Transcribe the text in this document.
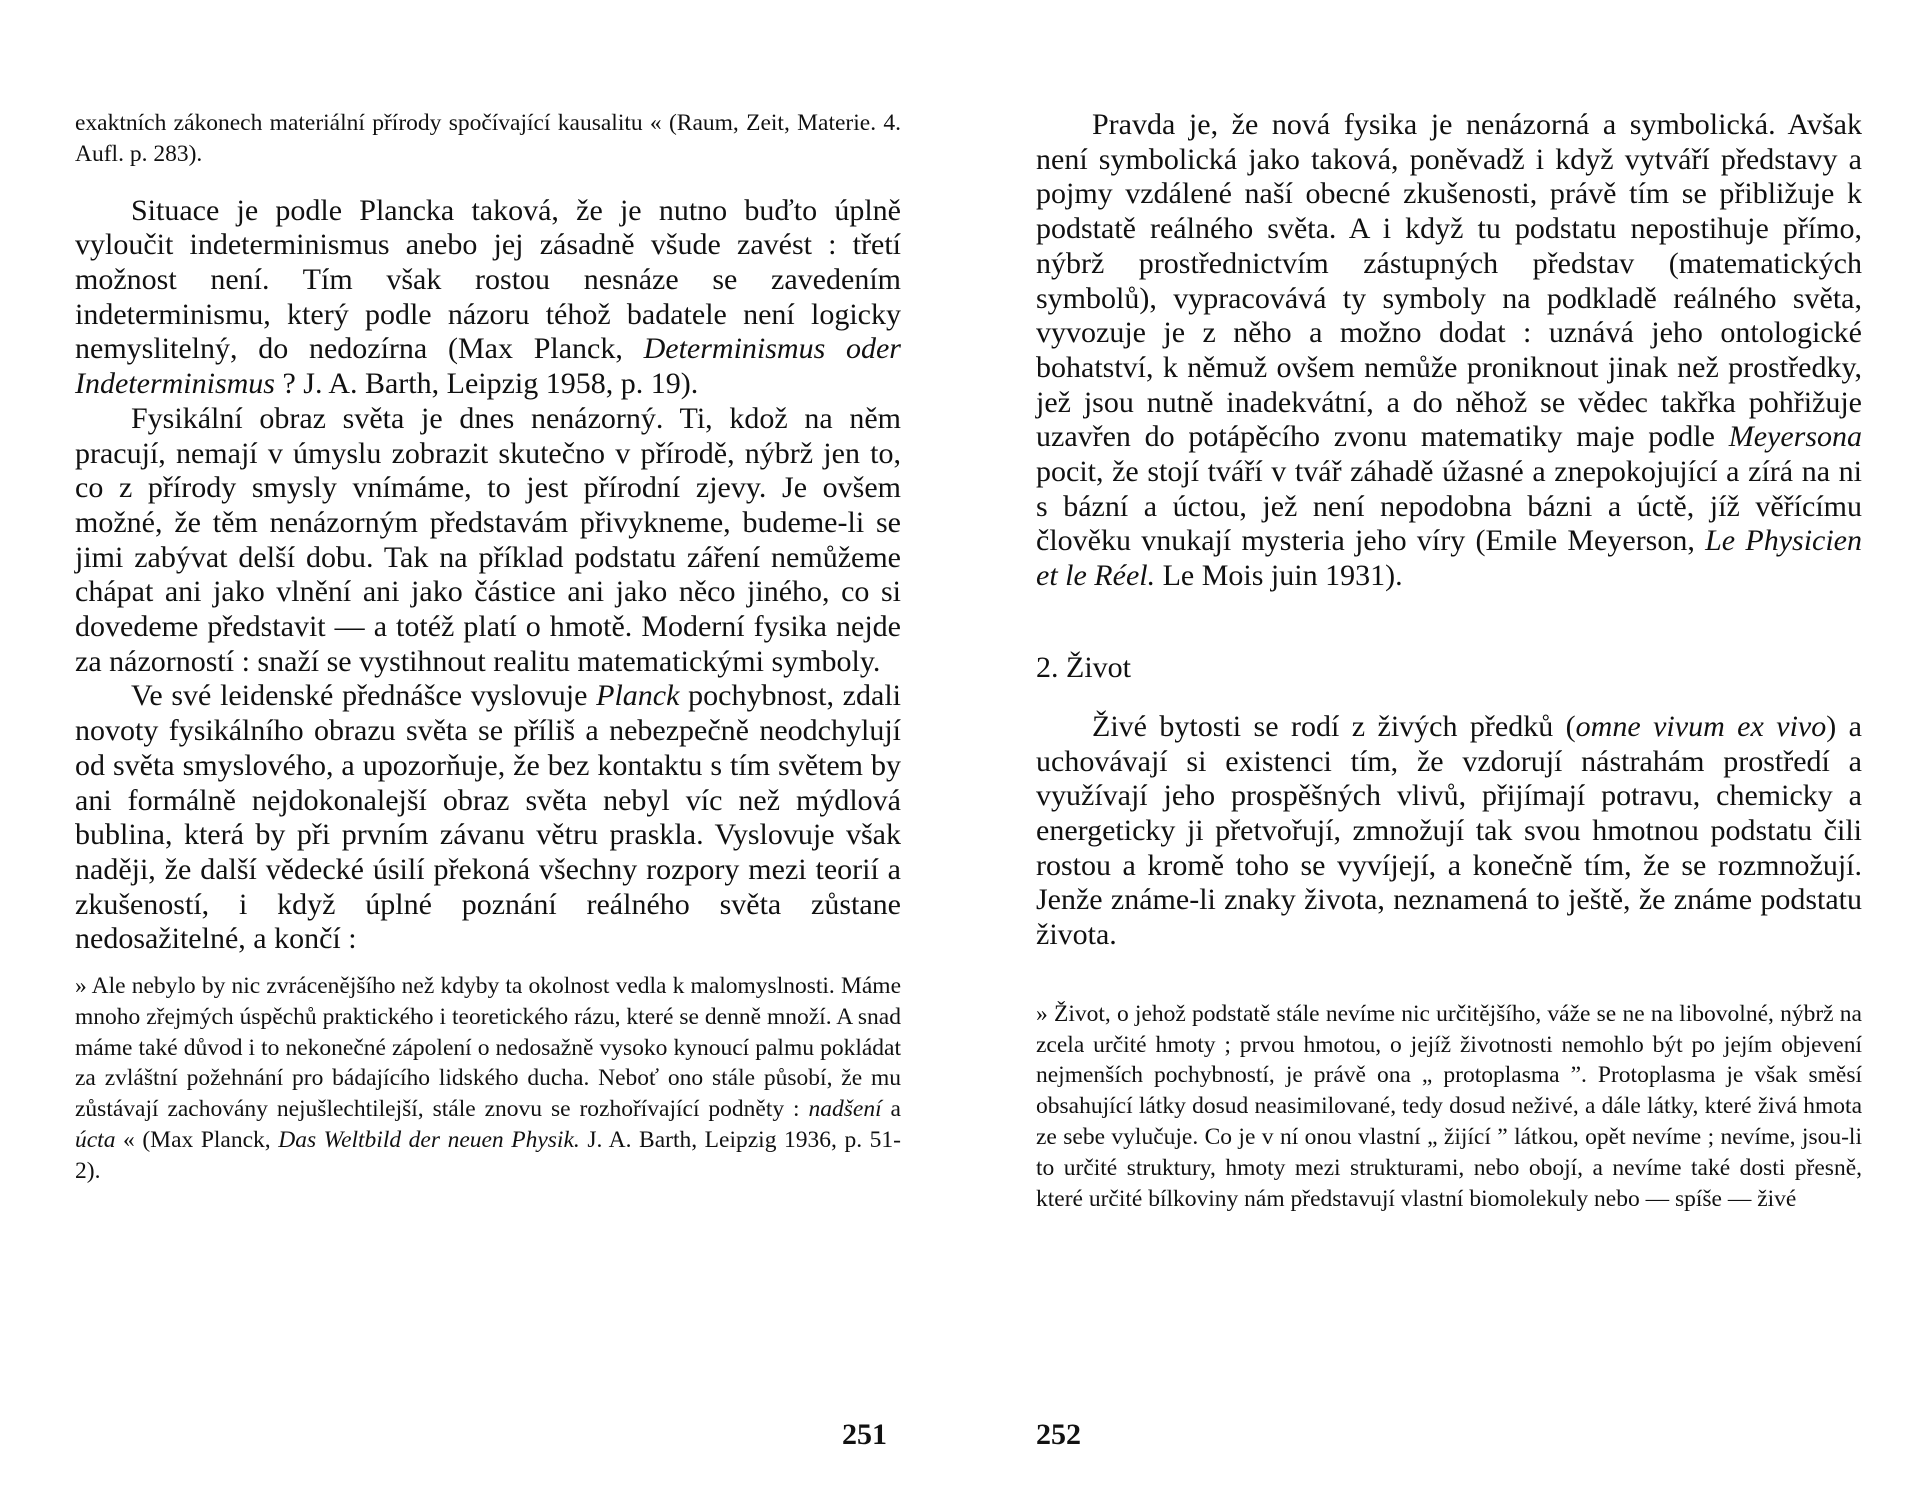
exaktních zákonech materiální přírody spočívající kausalitu « (Raum, Zeit, Materie. 4. Aufl. p. 283).

Situace je podle Plancka taková, že je nutno buďto úplně vyloučit indeterminismus anebo jej zásadně všude zavést : třetí možnost není. Tím však rostou nesnáze se zavedením indeterminismu, který podle názoru téhož badatele není logicky nemyslitelný, do nedozírna (Max Planck, Determinismus oder Indeterminismus ? J. A. Barth, Leipzig 1958, p. 19).

Fysikální obraz světa je dnes nenázorný. Ti, kdož na něm pracují, nemají v úmyslu zobrazit skutečno v přírodě, nýbrž jen to, co z přírody smysly vnímáme, to jest přírodní zjevy. Je ovšem možné, že těm nenázorným představám přivykneme, budeme-li se jimi zabývat delší dobu. Tak na příklad podstatu záření nemůžeme chápat ani jako vlnění ani jako částice ani jako něco jiného, co si dovedeme představit — a totéž platí o hmotě. Moderní fysika nejde za názorností : snaží se vystihnout realitu matematickými symboly.

Ve své leidenské přednášce vyslovuje Planck pochybnost, zdali novoty fysikálního obrazu světa se příliš a nebezpečně neodchylují od světa smyslového, a upozorňuje, že bez kontaktu s tím světem by ani formálně nejdokonalejší obraz světa nebyl víc než mýdlová bublina, která by při prvním závanu větru praskla. Vyslovuje však naději, že další vědecké úsilí překoná všechny rozpory mezi teorií a zkušeností, i když úplné poznání reálného světa zůstane nedosažitelné, a končí :

» Ale nebylo by nic zvrácenějšího než kdyby ta okolnost vedla k malomyslnosti. Máme mnoho zřejmých úspěchů praktického i teoretického rázu, které se denně množí. A snad máme také důvod i to nekonečné zápolení o nedosažně vysoko kynoucí palmu pokládat za zvláštní požehnání pro bádajícího lidského ducha. Neboť ono stále působí, že mu zůstávají zachovány nejušlechtilejší, stále znovu se rozhořívající podněty : nadšení a úcta « (Max Planck, Das Weltbild der neuen Physik. J. A. Barth, Leipzig 1936, p. 51-2).

251

Pravda je, že nová fysika je nenázorná a symbolická. Avšak není symbolická jako taková, poněvadž i když vytváří představy a pojmy vzdálené naší obecné zkušenosti, právě tím se přibližuje k podstatě reálného světa. A i když tu podstatu nepostihuje přímo, nýbrž prostřednictvím zástupných představ (matematických symbolů), vypracovává ty symboly na podkladě reálného světa, vyvozuje je z něho a možno dodat : uznává jeho ontologické bohatství, k němuž ovšem nemůže proniknout jinak než prostředky, jež jsou nutně inadekvátní, a do něhož se vědec takřka pohřižuje uzavřen do potápěcího zvonu matematiky maje podle Meyersona pocit, že stojí tváří v tvář záhadě úžasné a znepokojující a zírá na ni s bázní a úctou, jež není nepodobna bázni a úctě, jíž věřícímu člověku vnukají mysteria jeho víry (Emile Meyerson, Le Physicien et le Réel. Le Mois juin 1931).

2. Život

Živé bytosti se rodí z živých předků (omne vivum ex vivo) a uchovávají si existenci tím, že vzdorují nástrahám prostředí a využívají jeho prospěšných vlivů, přijímají potravu, chemicky a energeticky ji přetvořují, zmnožují tak svou hmotnou podstatu čili rostou a kromě toho se vyvíjejí, a konečně tím, že se rozmnožují. Jenže známe-li znaky života, neznamená to ještě, že známe podstatu života.

» Život, o jehož podstatě stále nevíme nic určitějšího, váže se ne na libovolné, nýbrž na zcela určité hmoty ; prvou hmotou, o jejíž životnosti nemohlo být po jejím objevení nejmenších pochybností, je právě ona „ protoplasma ”. Protoplasma je však směsí obsahující látky dosud neasimilované, tedy dosud neživé, a dále látky, které živá hmota ze sebe vylučuje. Co je v ní onou vlastní „ žijící ” látkou, opět nevíme ; nevíme, jsou-li to určité struktury, hmoty mezi strukturami, nebo obojí, a nevíme také dosti přesně, které určité bílkoviny nám představují vlastní biomolekuly nebo — spíše — živé

252
